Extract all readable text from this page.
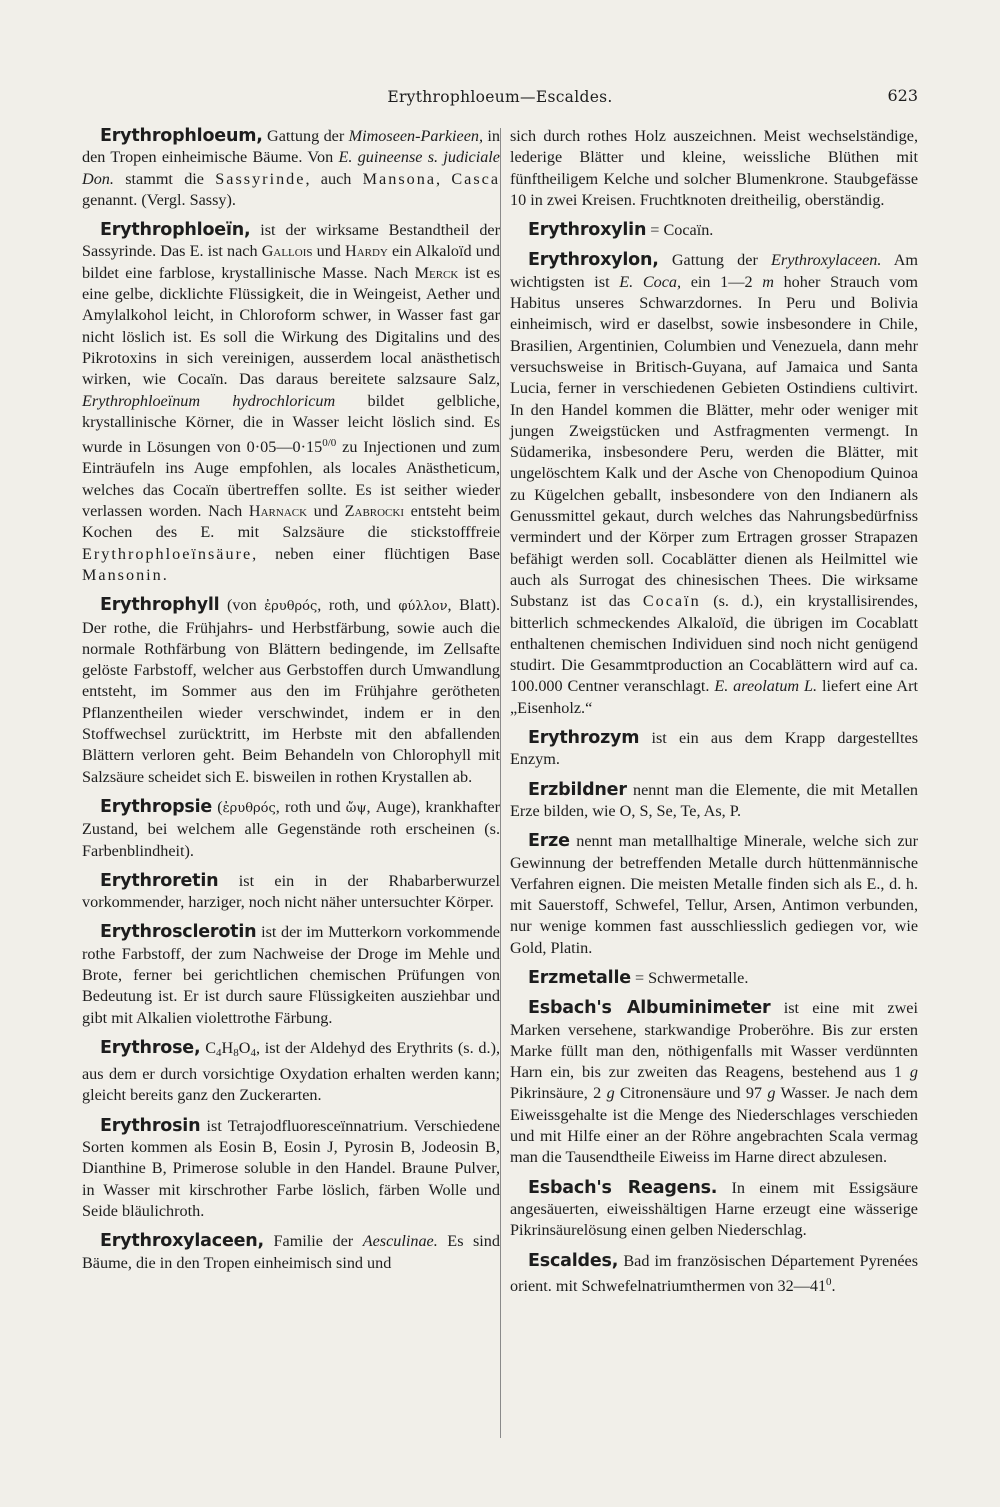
Erythrophloeum—Escaldes.	623

Erythrophloeum, Gattung der Mimoseen-Parkieen, in den Tropen einheimische Bäume. Von E. guineense s. judiciale Don. stammt die Sassyrinde, auch Mansona, Casca genannt. (Vergl. Sassy).

Erythrophloeïn, ist der wirksame Bestandtheil der Sassyrinde. Das E. ist nach Gallois und Hardy ein Alkaloïd und bildet eine farblose, krystallinische Masse. Nach Merck ist es eine gelbe, dicklichte Flüssigkeit, die in Weingeist, Aether und Amylalkohol leicht, in Chloroform schwer, in Wasser fast gar nicht löslich ist. Es soll die Wirkung des Digitalins und des Pikrotoxins in sich vereinigen, ausserdem local anästhetisch wirken, wie Cocaïn. Das daraus bereitete salzsaure Salz, Erythrophloeïnum hydrochloricum bildet gelbliche, krystallinische Körner, die in Wasser leicht löslich sind. Es wurde in Lösungen von $0\cdot 05—0\cdot 15^{0/0}$ zu Injectionen und zum Einträufeln ins Auge empfohlen, als locales Anästheticum, welches das Cocaïn übertreffen sollte. Es ist seither wieder verlassen worden. Nach Harnack und Zabrocki entsteht beim Kochen des E. mit Salzsäure die stickstofffreie Erythrophloeïnsäure, neben einer flüchtigen Base Mansonin.

Erythrophyll (von ἐρυθρός, roth, und φύλλον, Blatt). Der rothe, die Frühjahrs- und Herbstfärbung, sowie auch die normale Rothfärbung von Blättern bedingende, im Zellsafte gelöste Farbstoff, welcher aus Gerbstoffen durch Umwandlung entsteht, im Sommer aus den im Frühjahre gerötheten Pflanzentheilen wieder verschwindet, indem er in den Stoffwechsel zurücktritt, im Herbste mit den abfallenden Blättern verloren geht. Beim Behandeln von Chlorophyll mit Salzsäure scheidet sich E. bisweilen in rothen Krystallen ab.

Erythropsie (ἐρυθρός, roth und ὤψ, Auge), krankhafter Zustand, bei welchem alle Gegenstände roth erscheinen (s. Farbenblindheit).

Erythroretin ist ein in der Rhabarberwurzel vorkommender, harziger, noch nicht näher untersuchter Körper.

Erythrosclerotin ist der im Mutterkorn vorkommende rothe Farbstoff, der zum Nachweise der Droge im Mehle und Brote, ferner bei gerichtlichen chemischen Prüfungen von Bedeutung ist. Er ist durch saure Flüssigkeiten ausziehbar und gibt mit Alkalien violettrothe Färbung.

Erythrose, $C_4H_8O_4$, ist der Aldehyd des Erythrits (s. d.), aus dem er durch vorsichtige Oxydation erhalten werden kann; gleicht bereits ganz den Zuckerarten.

Erythrosin ist Tetrajodfluoresceïnnatrium. Verschiedene Sorten kommen als Eosin B, Eosin J, Pyrosin B, Jodeosin B, Dianthine B, Primerose soluble in den Handel. Braune Pulver, in Wasser mit kirschrother Farbe löslich, färben Wolle und Seide bläulichroth.

Erythroxylaceen, Familie der Aesculinae. Es sind Bäume, die in den Tropen einheimisch sind und

sich durch rothes Holz auszeichnen. Meist wechselständige, lederige Blätter und kleine, weissliche Blüthen mit fünftheiligem Kelche und solcher Blumenkrone. Staubgefässe 10 in zwei Kreisen. Fruchtknoten dreitheilig, oberständig.

Erythroxylin = Cocaïn.

Erythroxylon, Gattung der Erythroxylaceen. Am wichtigsten ist E. Coca, ein 1—2 m hoher Strauch vom Habitus unseres Schwarzdornes. In Peru und Bolivia einheimisch, wird er daselbst, sowie insbesondere in Chile, Brasilien, Argentinien, Columbien und Venezuela, dann mehr versuchsweise in Britisch-Guyana, auf Jamaica und Santa Lucia, ferner in verschiedenen Gebieten Ostindiens cultivirt. In den Handel kommen die Blätter, mehr oder weniger mit jungen Zweigstücken und Astfragmenten vermengt. In Südamerika, insbesondere Peru, werden die Blätter, mit ungelöschtem Kalk und der Asche von Chenopodium Quinoa zu Kügelchen geballt, insbesondere von den Indianern als Genussmittel gekaut, durch welches das Nahrungsbedürfniss vermindert und der Körper zum Ertragen grosser Strapazen befähigt werden soll. Cocablätter dienen als Heilmittel wie auch als Surrogat des chinesischen Thees. Die wirksame Substanz ist das Cocaïn (s. d.), ein krystallisirendes, bitterlich schmeckendes Alkaloïd, die übrigen im Cocablatt enthaltenen chemischen Individuen sind noch nicht genügend studirt. Die Gesammtproduction an Cocablättern wird auf ca. 100.000 Centner veranschlagt. E. areolatum L. liefert eine Art „Eisenholz.“

Erythrozym ist ein aus dem Krapp dargestelltes Enzym.

Erzbildner nennt man die Elemente, die mit Metallen Erze bilden, wie O, S, Se, Te, As, P.

Erze nennt man metallhaltige Minerale, welche sich zur Gewinnung der betreffenden Metalle durch hüttenmännische Verfahren eignen. Die meisten Metalle finden sich als E., d. h. mit Sauerstoff, Schwefel, Tellur, Arsen, Antimon verbunden, nur wenige kommen fast ausschliesslich gediegen vor, wie Gold, Platin.

Erzmetalle = Schwermetalle.

Esbach's Albuminimeter ist eine mit zwei Marken versehene, starkwandige Proberöhre. Bis zur ersten Marke füllt man den, nöthigenfalls mit Wasser verdünnten Harn ein, bis zur zweiten das Reagens, bestehend aus 1 g Pikrinsäure, 2 g Citronensäure und 97 g Wasser. Je nach dem Eiweissgehalte ist die Menge des Niederschlages verschieden und mit Hilfe einer an der Röhre angebrachten Scala vermag man die Tausendtheile Eiweiss im Harne direct abzulesen.

Esbach's Reagens. In einem mit Essigsäure angesäuerten, eiweisshältigen Harne erzeugt eine wässerige Pikrinsäurelösung einen gelben Niederschlag.

Escaldes, Bad im französischen Département Pyrenées orient. mit Schwefelnatriumthermen von $32—41^0$.
